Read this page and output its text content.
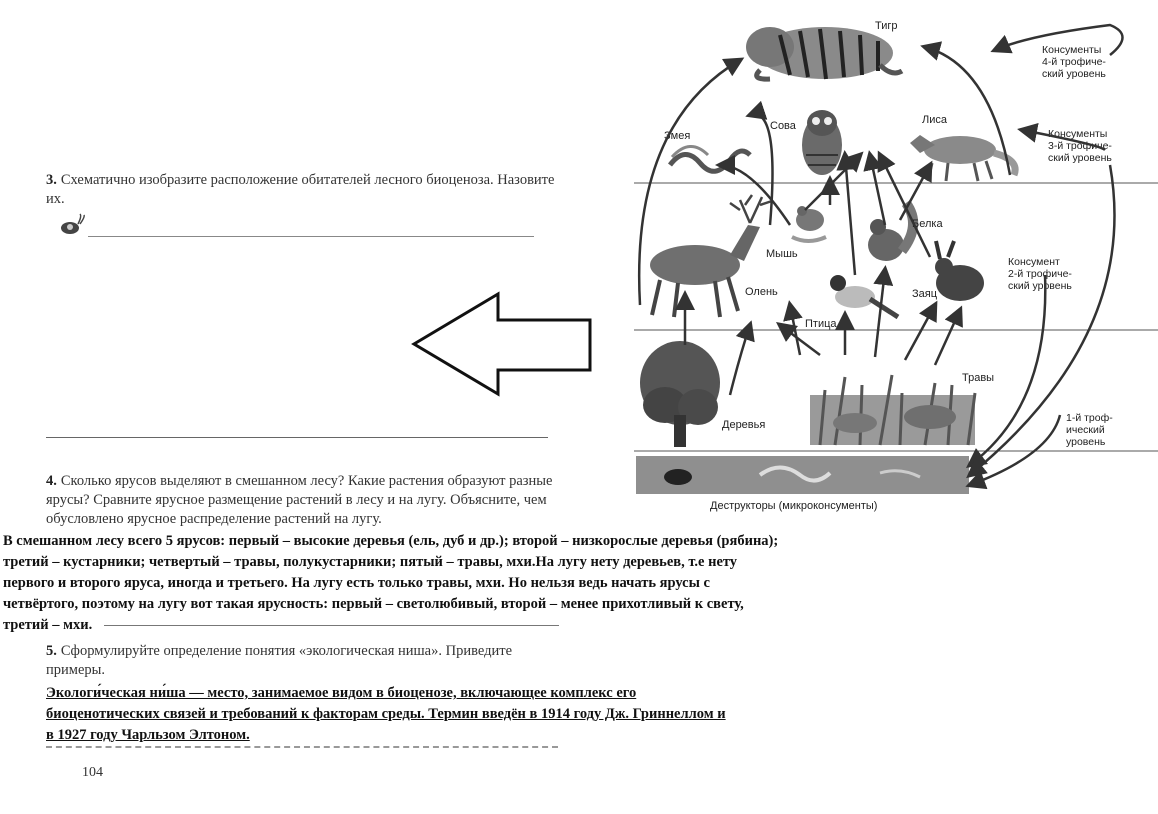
3. Схематично изобразите расположение обитателей лесного биоценоза. Назовите их.
4. Сколько ярусов выделяют в смешанном лесу? Какие растения образуют разные ярусы? Сравните ярусное размещение растений в лесу и на лугу. Объясните, чем обусловлено ярусное распределение растений на лугу.
В смешанном лесу всего 5 ярусов: первый – высокие деревья (ель, дуб и др.); второй – низкорослые деревья (рябина);
третий – кустарники; четвертый – травы, полукустарники; пятый – травы, мхи.На лугу нету деревьев, т.е нету
первого и второго яруса, иногда и третьего. На лугу есть только травы, мхи. Но нельзя ведь начать ярусы с
четвёртого, поэтому на лугу вот такая ярусность: первый – светолюбивый, второй – менее прихотливый к свету,
третий – мхи.
5. Сформулируйте определение понятия «экологическая ниша». Приведите примеры.
Экологи́ческая ни́ша — место, занимаемое видом в биоценозе, включающее комплекс его
биоценотических связей и требований к факторам среды. Термин введён в 1914 году Дж. Гриннеллом и
в 1927 году Чарльзом Элтоном.
104
Тигр
Змея
Сова	Лиса
Олень
Мышь
Белка
Птица
Заяц
Деревья
Травы
Деструкторы (микроконсументы)
Консументы 4-й трофиче- ский уровень
Консументы 3-й трофиче- ский уровень
Консумент 2-й трофиче- ский уровень
1-й троф- ический уровень
